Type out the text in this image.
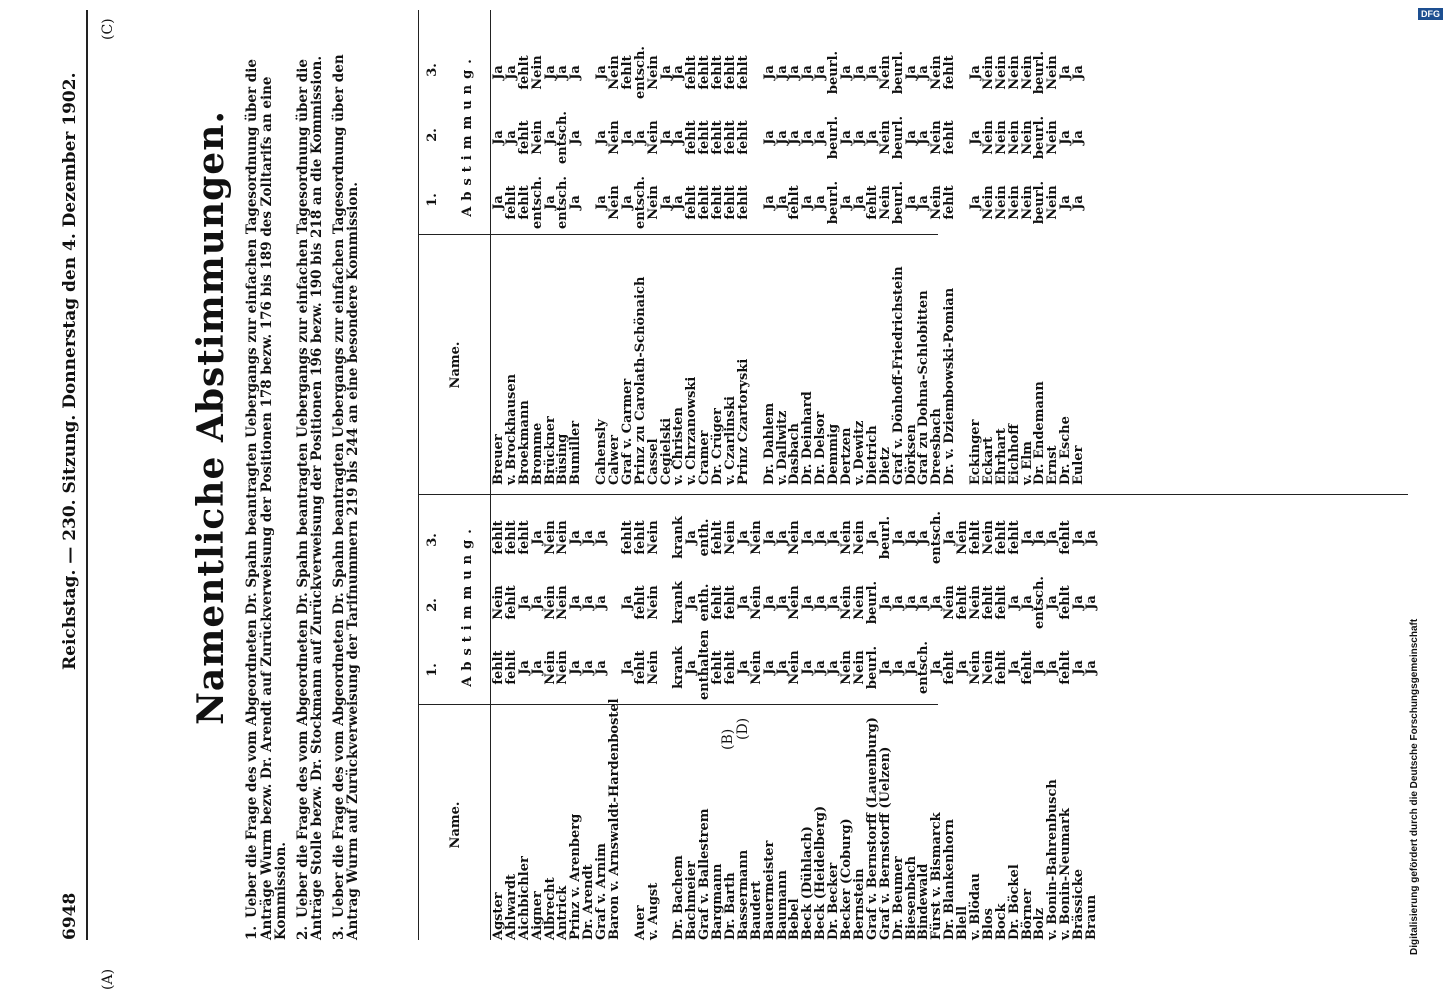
6948
Reichstag. — 230. Sitzung. Donnerstag den 4. Dezember 1902.
(A)
(C)
(B) (D)
Namentliche Abstimmungen.
1.Ueber die Frage des vom Abgeordneten Dr. Spahn beantragten Uebergangs zur einfachen Tagesordnung über die Anträge Wurm bezw. Dr. Arendt auf Zurückverweisung der Positionen 178 bezw. 176 bis 189 des Zolltarifs an eine Kommission. 2.Ueber die Frage des vom Abgeordneten Dr. Spahn beantragten Uebergangs zur einfachen Tagesordnung über die Anträge Stolle bezw. Dr. Stockmann auf Zurückverweisung der Positionen 196 bezw. 190 bis 218 an die Kommission. 3.Ueber die Frage des vom Abgeordneten Dr. Spahn beantragten Uebergangs zur einfachen Tagesordnung über den Antrag Wurm auf Zurückverweisung der Tarifnummern 219 bis 244 an eine besondere Kommission.	Name.
1.
2.
3. Abstimmung.
Name.
1.
2.
3. Abstimmung.
Agster
fehlt
Nein
fehlt
Ahlwardt
fehlt
fehlt
fehlt
Aichbichler
Ja
Ja
fehlt
Aigner
Ja
Ja
Ja
Albrecht
Nein
Nein
Nein
Antrick
Nein
Nein
Nein
Prinz v. Arenberg
Ja
Ja
Ja
Dr. Arendt
Ja
Ja
Ja
Graf v. Arnim
Ja
Ja
Ja
Baron v. Arnswaldt-Hardenbostel
Ja
Ja
fehlt
Auer
fehlt
fehlt
fehlt
v. Augst
Nein
Nein
Nein
Dr. Bachem
krank
krank
krank
Bachmeier
Ja
Ja
Ja
Graf v. Ballestrem
enthalten
enth.
enth.
Bargmann
fehlt
fehlt
fehlt
Dr. Barth
fehlt
fehlt
Nein
Bassermann
Ja
Ja
Ja
Baudert
Nein
Nein
Nein
Bauermeister
Ja
Ja
Ja
Baumann
Ja
Ja
Ja
Bebel
Nein
Nein
Nein
Beck (Dühlach)
Ja
Ja
Ja
Beck (Heidelberg)
Ja
Ja
Ja
Dr. Becker
Ja
Ja
Ja
Becker (Coburg)
Nein
Nein
Nein
Bernstein
Nein
Nein
Nein
Graf v. Bernstorff (Lauenburg)
beurl.
beurl.
Ja
Graf v. Bernstorff (Uelzen)
Ja
Ja
beurl.
Dr. Beumer
Ja
Ja
Ja
Biesenbach
Ja
Ja
Ja
Bindewald
entsch.
Ja
Ja
Fürst v. Bismarck
Ja
Ja
entsch.
Dr. Blankenhorn
fehlt
Nein
Ja
Blell
Ja
fehlt
Nein
v. Blödau
Nein
Nein
fehlt
Blos
Nein
fehlt
Nein
Bock
fehlt
fehlt
fehlt
Dr. Böckel
Ja
Ja
fehlt
Börner
fehlt
Ja
Ja
Bolz
Ja
entsch.
Ja
v. Bonin-Bahrenbusch
Ja
Ja
Ja
v. Bonin-Neumark
fehlt
fehlt
fehlt
Brässicke
Ja
Ja
Ja
Braun
Ja
Ja
Ja
Breuer
Ja
Ja
Ja
v. Brockhausen
fehlt
Ja
Ja
Broekmann
fehlt
fehlt
fehlt
Bromme
entsch.
Nein
Nein
Brückner
Ja
Ja
Ja
Büsing
entsch.
entsch.
Ja
Bumiller
Ja
Ja
Ja
Cahensly
Ja
Ja
Ja
Calwer
Nein
Nein
Nein
Graf v. Carmer
Ja
Ja
fehlt
Prinz zu Carolath-Schönaich
entsch.
Ja
entsch.
Cassel
Nein
Nein
Nein
Cegielski
Ja
Ja
Ja
v. Christen
Ja
Ja
Ja
v. Chrzanowski
fehlt
fehlt
fehlt
Cramer
fehlt
fehlt
fehlt
Dr. Crüger
fehlt
fehlt
fehlt
v. Czarlinski
fehlt
fehlt
fehlt
Prinz Czartoryski
fehlt
fehlt
fehlt
Dr. Dahlem
Ja
Ja
Ja
v. Dallwitz
Ja
Ja
Ja
Dasbach
fehlt
Ja
Ja
Dr. Deinhard
Ja
Ja
Ja
Dr. Delsor
Ja
Ja
Ja
Demmig
beurl.
beurl.
beurl.
Dertzen
Ja
Ja
Ja
v. Dewitz
Ja
Ja
Ja
Dietrich
fehlt
Ja
Ja
Dietz
Nein
Nein
Nein
Graf v. Dönhoff-Friedrichstein
beurl.
beurl.
beurl.
Dörksen
Ja
Ja
Ja
Graf zu Dohna-Schlobitten
Ja
Ja
Ja
Dreesbach
Nein
Nein
Nein
Dr. v. Dziembowski-Pomian
fehlt
fehlt
fehlt
Eckinger
Ja
Ja
Ja
Eckart
Nein
Nein
Nein
Ehrhart
Nein
Nein
Nein
Eichhoff
Nein
Nein
Nein
v. Elm
Nein
Nein
Nein
Dr. Endemann
beurl.
beurl.
beurl.
Ernst
Nein
Nein
Nein
Dr. Esche
Ja
Ja
Ja
Euler
Ja
Ja
Ja
Digitalisierung gefördert durch die Deutsche Forschungsgemeinschaft
DFG
